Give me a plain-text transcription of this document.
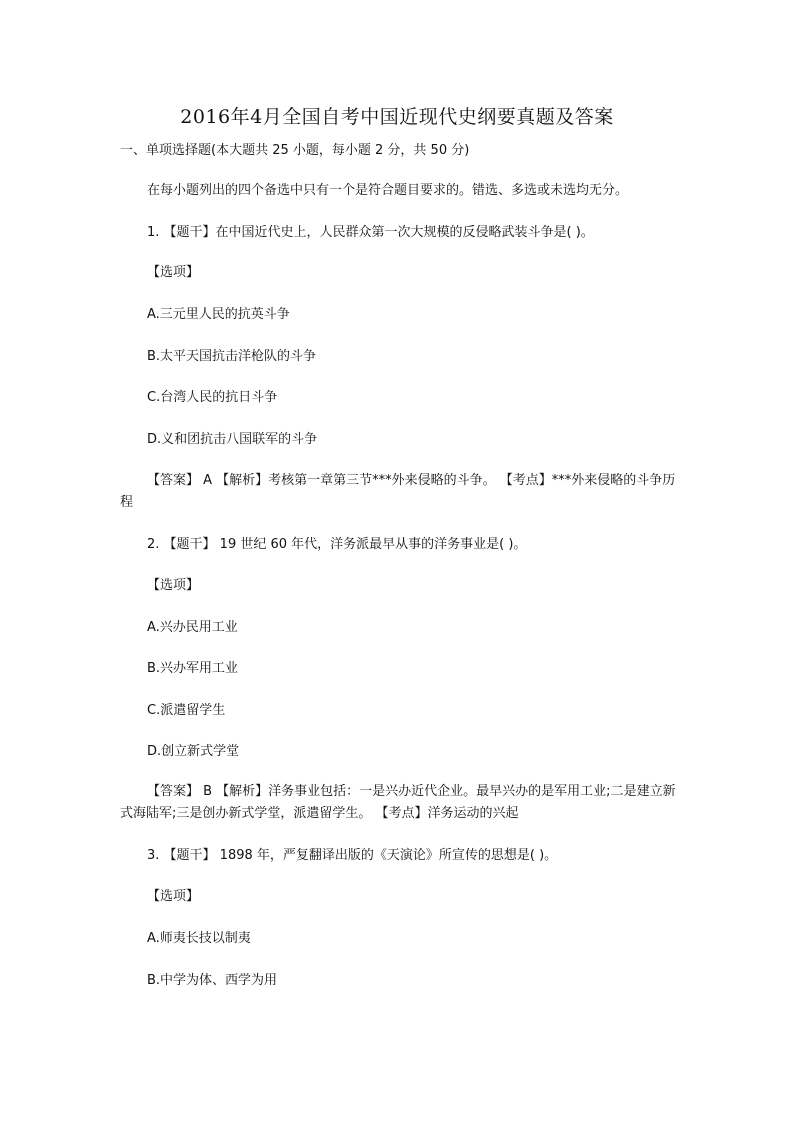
2016年4月全国自考中国近现代史纲要真题及答案
一、单项选择题(本大题共 25 小题，每小题 2 分，共 50 分)
在每小题列出的四个备选中只有一个是符合题目要求的。错选、多选或未选均无分。
1. 【题干】在中国近代史上，人民群众第一次大规模的反侵略武装斗争是( )。
【选项】
A.三元里人民的抗英斗争
B.太平天国抗击洋枪队的斗争
C.台湾人民的抗日斗争
D.义和团抗击八国联军的斗争
【答案】 A 【解析】考核第一章第三节***外来侵略的斗争。 【考点】***外来侵略的斗争历程
2. 【题干】 19 世纪 60 年代，洋务派最早从事的洋务事业是( )。
【选项】
A.兴办民用工业
B.兴办军用工业
C.派遣留学生
D.创立新式学堂
【答案】 B 【解析】洋务事业包括：一是兴办近代企业。最早兴办的是军用工业;二是建立新式海陆军;三是创办新式学堂，派遣留学生。 【考点】洋务运动的兴起
3. 【题干】 1898 年，严复翻译出版的《天演论》所宣传的思想是( )。
【选项】
A.师夷长技以制夷
B.中学为体、西学为用
